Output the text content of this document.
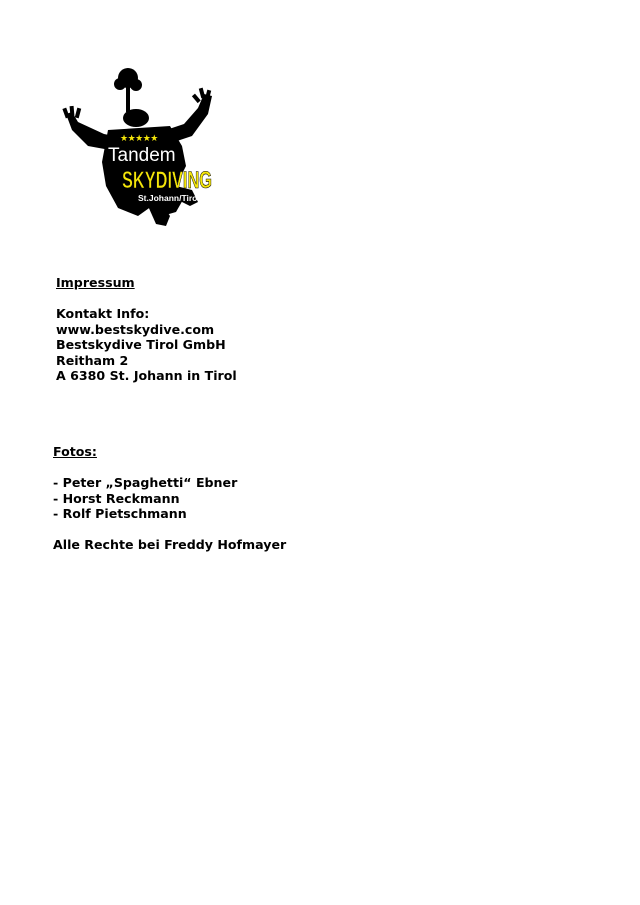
★★★★★
Tandem
SKYDIVING
St.Johann/Tirol
Impressum
Kontakt Info:
www.bestskydive.com
Bestskydive Tirol GmbH
Reitham 2
A 6380 St. Johann in Tirol
Fotos:
- Peter „Spaghetti“ Ebner
- Horst Reckmann
- Rolf Pietschmann
Alle Rechte bei Freddy Hofmayer
